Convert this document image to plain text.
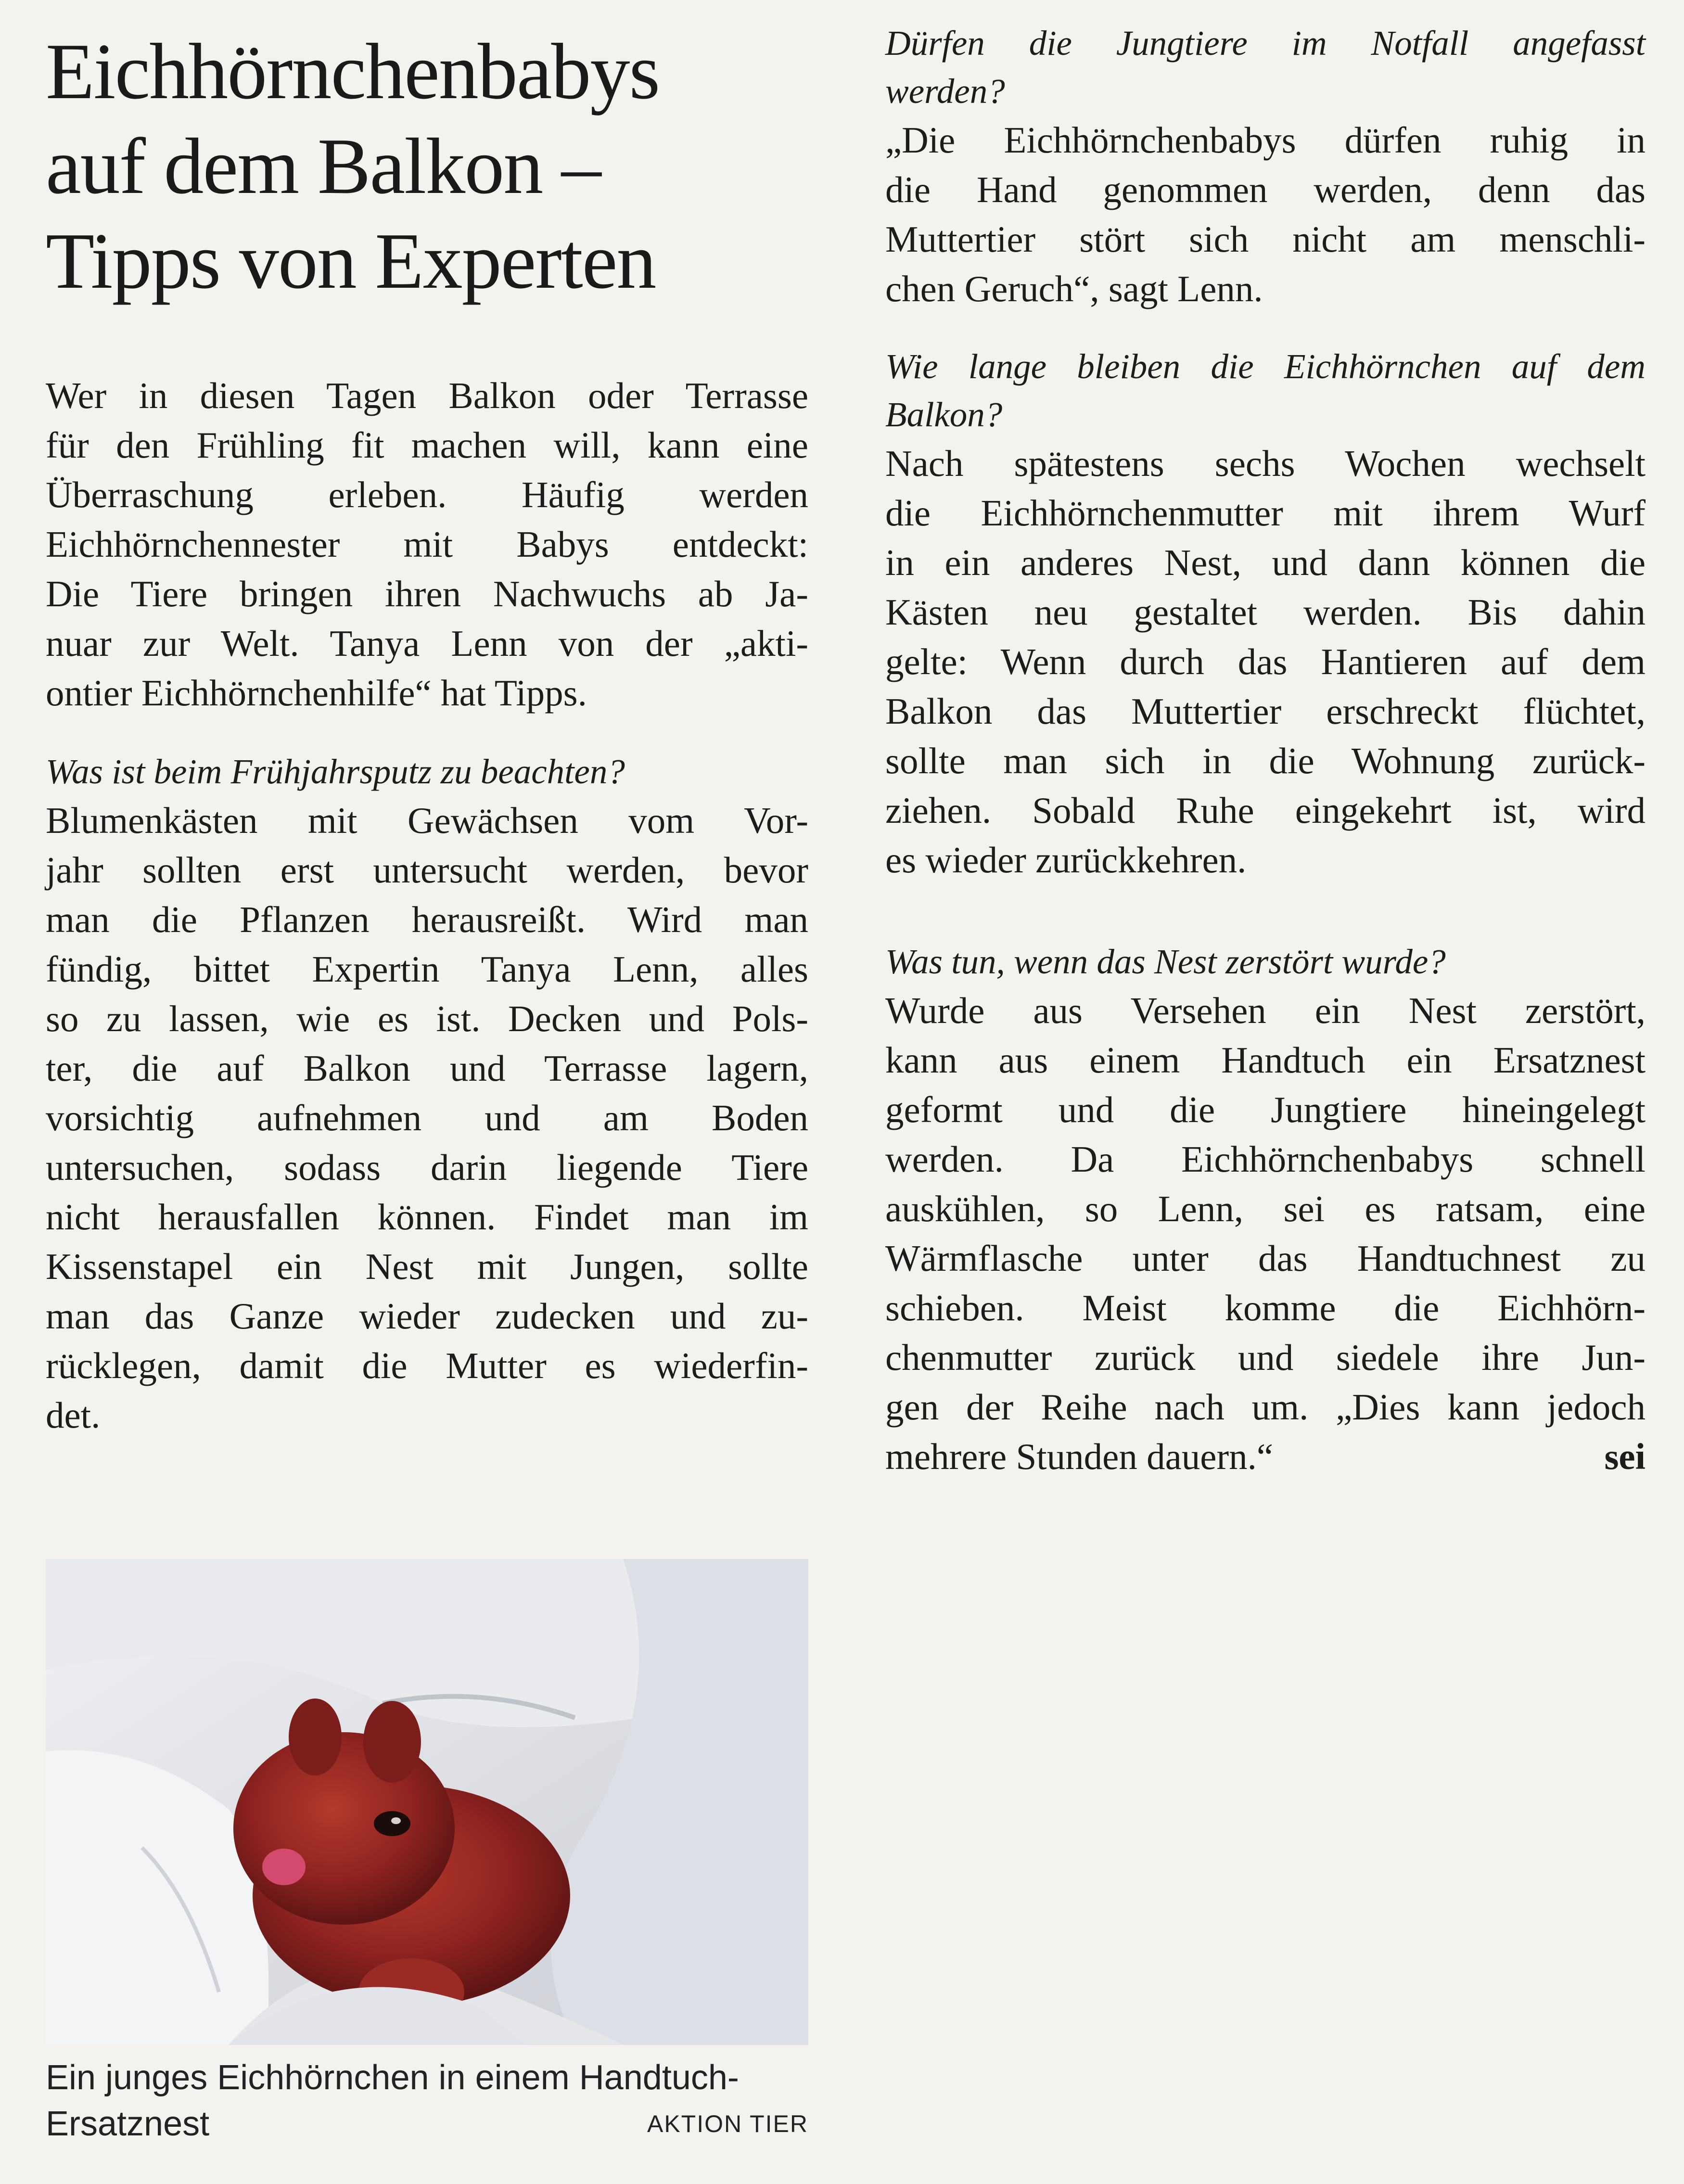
Eichhörnchenbabys
auf dem Balkon –
Tipps von Experten

Wer in diesen Tagen Balkon oder Terrasse
für den Frühling fit machen will, kann eine
Überraschung erleben. Häufig werden
Eichhörnchennester mit Babys entdeckt:
Die Tiere bringen ihren Nachwuchs ab Ja-
nuar zur Welt. Tanya Lenn von der „akti-
ontier Eichhörnchenhilfe“ hat Tipps.

Was ist beim Frühjahrsputz zu beachten?

Blumenkästen mit Gewächsen vom Vor-
jahr sollten erst untersucht werden, bevor
man die Pflanzen herausreißt. Wird man
fündig, bittet Expertin Tanya Lenn, alles
so zu lassen, wie es ist. Decken und Pols-
ter, die auf Balkon und Terrasse lagern,
vorsichtig aufnehmen und am Boden
untersuchen, sodass darin liegende Tiere
nicht herausfallen können. Findet man im
Kissenstapel ein Nest mit Jungen, sollte
man das Ganze wieder zudecken und zu-
rücklegen, damit die Mutter es wiederfin-
det.

Ein junges Eichhörnchen in einem Handtuch-
Ersatznest	AKTION TIER

Dürfen die Jungtiere im Notfall angefasst
werden?

„Die Eichhörnchenbabys dürfen ruhig in
die Hand genommen werden, denn das
Muttertier stört sich nicht am menschli-
chen Geruch“, sagt Lenn.

Wie lange bleiben die Eichhörnchen auf dem
Balkon?

Nach spätestens sechs Wochen wechselt
die Eichhörnchenmutter mit ihrem Wurf
in ein anderes Nest, und dann können die
Kästen neu gestaltet werden. Bis dahin
gelte: Wenn durch das Hantieren auf dem
Balkon das Muttertier erschreckt flüchtet,
sollte man sich in die Wohnung zurück-
ziehen. Sobald Ruhe eingekehrt ist, wird
es wieder zurückkehren.

Was tun, wenn das Nest zerstört wurde?

Wurde aus Versehen ein Nest zerstört,
kann aus einem Handtuch ein Ersatznest
geformt und die Jungtiere hineingelegt
werden. Da Eichhörnchenbabys schnell
auskühlen, so Lenn, sei es ratsam, eine
Wärmflasche unter das Handtuchnest zu
schieben. Meist komme die Eichhörn-
chenmutter zurück und siedele ihre Jun-
gen der Reihe nach um. „Dies kann jedoch
mehrere Stunden dauern.“	sei
